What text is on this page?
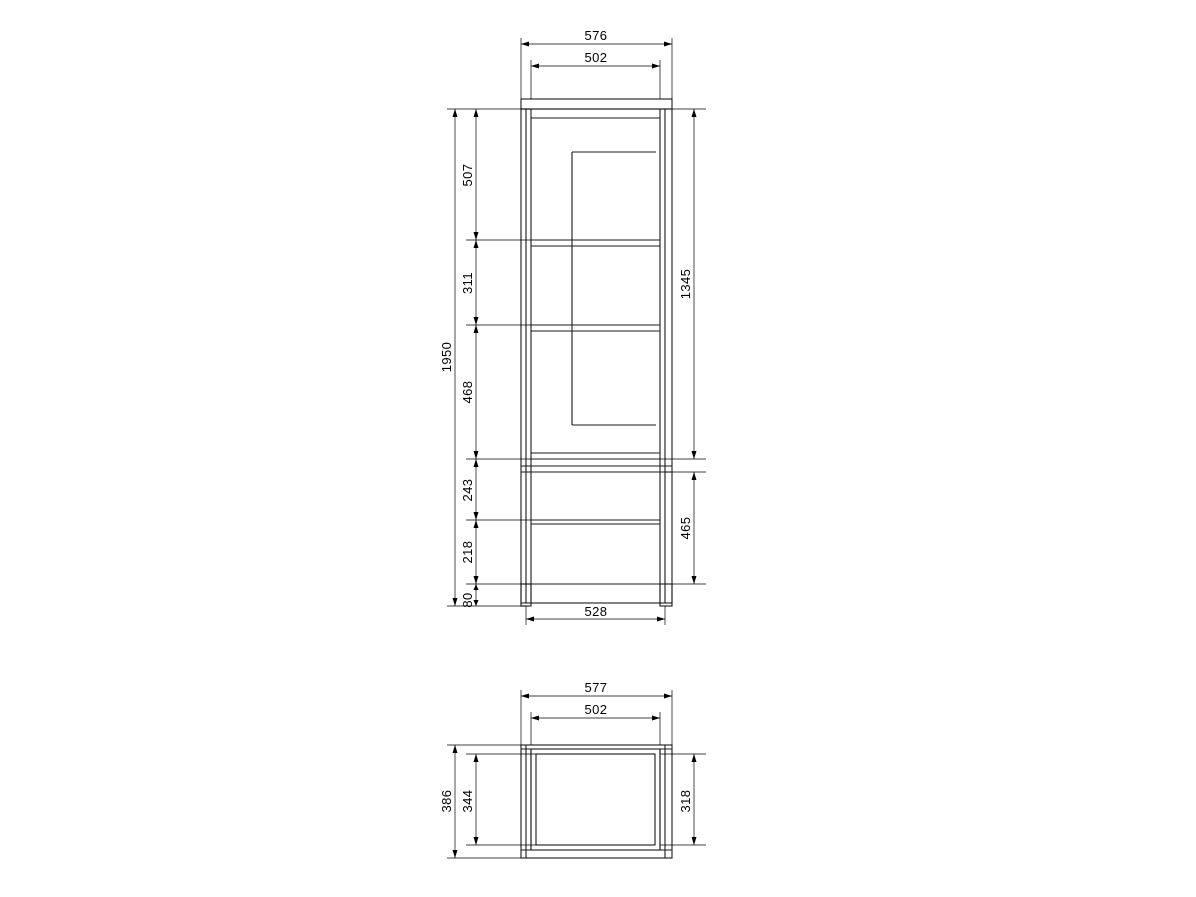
576
502
528
1950
507
311
468
243
218
80
1345
465
577
502
386 344	318
